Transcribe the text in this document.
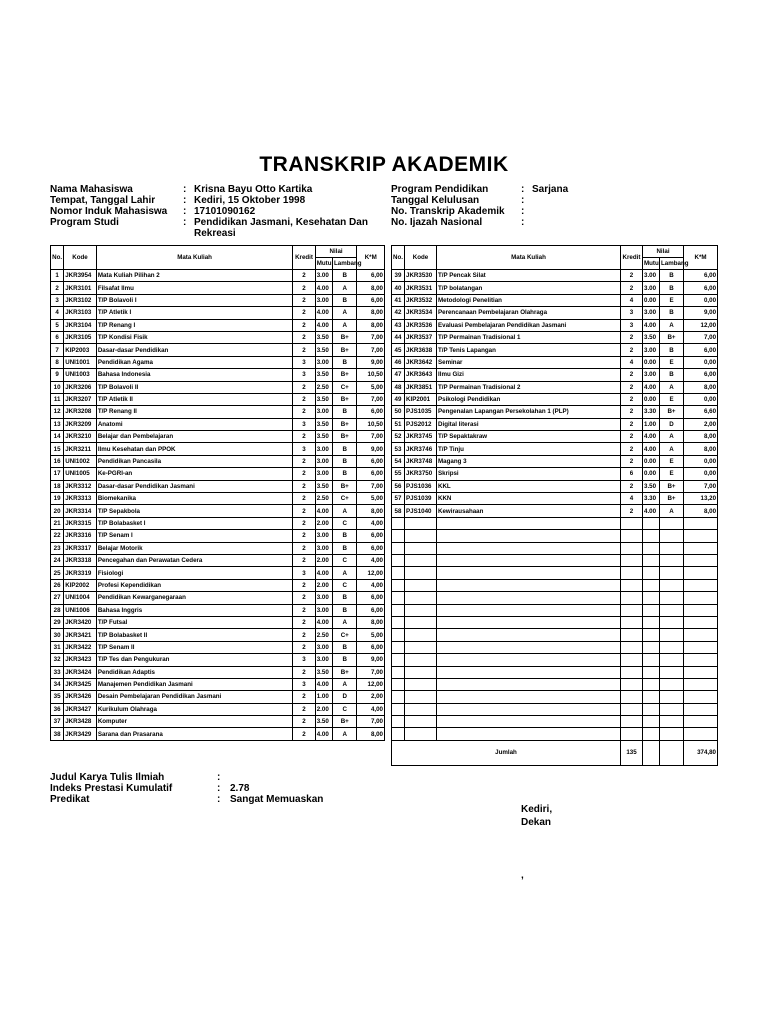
TRANSKRIP AKADEMIK
Nama Mahasiswa	: Krisna Bayu Otto Kartika
Tempat, Tanggal Lahir	: Kediri, 15 Oktober 1998
Nomor Induk Mahasiswa	: 17101090162
Program Studi	: Pendidikan Jasmani, Kesehatan Dan Rekreasi
Program Pendidikan	: Sarjana
Tanggal Kelulusan	:
No. Transkrip Akademik	:
No. Ijazah Nasional	:
No.	Kode	Mata Kuliah	Kredit	Nilai		K*M
				Mutu	Lambang	
1	JKR3954	Mata Kuliah Pilihan 2	2	3.00	B	6,00
2	JKR3101	Filsafat Ilmu	2	4.00	A	8,00
3	JKR3102	T/P Bolavoli I	2	3.00	B	6,00
4	JKR3103	T/P Atletik I	2	4.00	A	8,00
5	JKR3104	T/P Renang I	2	4.00	A	8,00
6	JKR3105	T/P Kondisi Fisik	2	3.50	B+	7,00
7	KIP2003	Dasar-dasar Pendidikan	2	3.50	B+	7,00
8	UNI1001	Pendidikan Agama	3	3.00	B	9,00
9	UNI1003	Bahasa Indonesia	3	3.50	B+	10,50
10	JKR3206	T/P Bolavoli II	2	2.50	C+	5,00
11	JKR3207	T/P Atletik II	2	3.50	B+	7,00
12	JKR3208	T/P Renang II	2	3.00	B	6,00
13	JKR3209	Anatomi	3	3.50	B+	10,50
14	JKR3210	Belajar dan Pembelajaran	2	3.50	B+	7,00
15	JKR3211	Ilmu Kesehatan dan PPOK	3	3.00	B	9,00
16	UNI1002	Pendidikan Pancasila	2	3.00	B	6,00
17	UNI1005	Ke-PGRI-an	2	3.00	B	6,00
18	JKR3312	Dasar-dasar Pendidikan Jasmani	2	3.50	B+	7,00
19	JKR3313	Biomekanika	2	2.50	C+	5,00
20	JKR3314	T/P Sepakbola	2	4.00	A	8,00
21	JKR3315	T/P Bolabasket I	2	2.00	C	4,00
22	JKR3316	T/P Senam I	2	3.00	B	6,00
23	JKR3317	Belajar Motorik	2	3.00	B	6,00
24	JKR3318	Pencegahan dan Perawatan Cedera	2	2.00	C	4,00
25	JKR3319	Fisiologi	3	4.00	A	12,00
26	KIP2002	Profesi Kependidikan	2	2.00	C	4,00
27	UNI1004	Pendidikan Kewarganegaraan	2	3.00	B	6,00
28	UNI1006	Bahasa Inggris	2	3.00	B	6,00
29	JKR3420	T/P Futsal	2	4.00	A	8,00
30	JKR3421	T/P Bolabasket II	2	2.50	C+	5,00
31	JKR3422	T/P Senam II	2	3.00	B	6,00
32	JKR3423	T/P Tes dan Pengukuran	3	3.00	B	9,00
33	JKR3424	Pendidikan Adaptis	2	3.50	B+	7,00
34	JKR3425	Manajemen Pendidikan Jasmani	3	4.00	A	12,00
35	JKR3426	Desain Pembelajaran Pendidikan Jasmani	2	1.00	D	2,00
36	JKR3427	Kurikulum Olahraga	2	2.00	C	4,00
37	JKR3428	Komputer	2	3.50	B+	7,00
38	JKR3429	Sarana dan Prasarana	2	4.00	A	8,00
No.	Kode	Mata Kuliah	Kredit	Nilai		K*M
				Mutu	Lambang	
39	JKR3530	T/P Pencak Silat	2	3.00	B	6,00
40	JKR3531	T/P bolatangan	2	3.00	B	6,00
41	JKR3532	Metodologi Penelitian	4	0.00	E	0,00
42	JKR3534	Perencanaan Pembelajaran Olahraga	3	3.00	B	9,00
43	JKR3536	Evaluasi Pembelajaran Pendidikan Jasmani	3	4.00	A	12,00
44	JKR3537	T/P Permainan Tradisional 1	2	3.50	B+	7,00
45	JKR3638	T/P Tenis Lapangan	2	3.00	B	6,00
46	JKR3642	Seminar	4	0.00	E	0,00
47	JKR3643	Ilmu Gizi	2	3.00	B	6,00
48	JKR3851	T/P Permainan Tradisional 2	2	4.00	A	8,00
49	KIP2001	Psikologi Pendidikan	2	0.00	E	0,00
50	PJS1035	Pengenalan Lapangan Persekolahan 1 (PLP)	2	3.30	B+	6,60
51	PJS2012	Digital literasi	2	1.00	D	2,00
52	JKR3745	T/P Sepaktakraw	2	4.00	A	8,00
53	JKR3746	T/P Tinju	2	4.00	A	8,00
54	JKR3748	Magang 3	2	0.00	E	0,00
55	JKR3750	Skripsi	6	0.00	E	0,00
56	PJS1036	KKL	2	3.50	B+	7,00
57	PJS1039	KKN	4	3.30	B+	13,20
58	PJS1040	Kewirausahaan	2	4.00	A	8,00

Jumlah			135			374,80
Judul Karya Tulis Ilmiah	:
Indeks Prestasi Kumulatif	: 2.78
Predikat	: Sangat Memuaskan
Kediri,
Dekan
,
